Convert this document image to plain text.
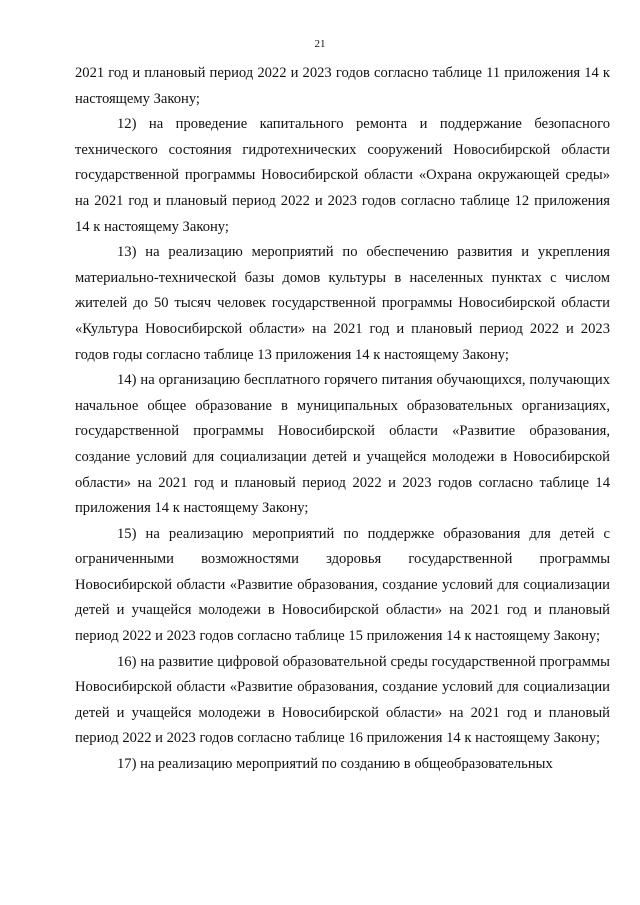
21

2021 год и плановый период 2022 и 2023 годов согласно таблице 11 приложения 14 к настоящему Закону;

12) на проведение капитального ремонта и поддержание безопасного технического состояния гидротехнических сооружений Новосибирской области государственной программы Новосибирской области «Охрана окружающей среды» на 2021 год и плановый период 2022 и 2023 годов согласно таблице 12 приложения 14 к настоящему Закону;

13) на реализацию мероприятий по обеспечению развития и укрепления материально-технической базы домов культуры в населенных пунктах с числом жителей до 50 тысяч человек государственной программы Новосибирской области «Культура Новосибирской области» на 2021 год и плановый период 2022 и 2023 годов годы согласно таблице 13 приложения 14 к настоящему Закону;

14) на организацию бесплатного горячего питания обучающихся, получающих начальное общее образование в муниципальных образовательных организациях, государственной программы Новосибирской области «Развитие образования, создание условий для социализации детей и учащейся молодежи в Новосибирской области» на 2021 год и плановый период 2022 и 2023 годов согласно таблице 14 приложения 14 к настоящему Закону;

15) на реализацию мероприятий по поддержке образования для детей с ограниченными возможностями здоровья государственной программы Новосибирской области «Развитие образования, создание условий для социализации детей и учащейся молодежи в Новосибирской области» на 2021 год и плановый период 2022 и 2023 годов согласно таблице 15 приложения 14 к настоящему Закону;

16) на развитие цифровой образовательной среды государственной программы Новосибирской области «Развитие образования, создание условий для социализации детей и учащейся молодежи в Новосибирской области» на 2021 год и плановый период 2022 и 2023 годов согласно таблице 16 приложения 14 к настоящему Закону;

17) на реализацию мероприятий по созданию в общеобразовательных
